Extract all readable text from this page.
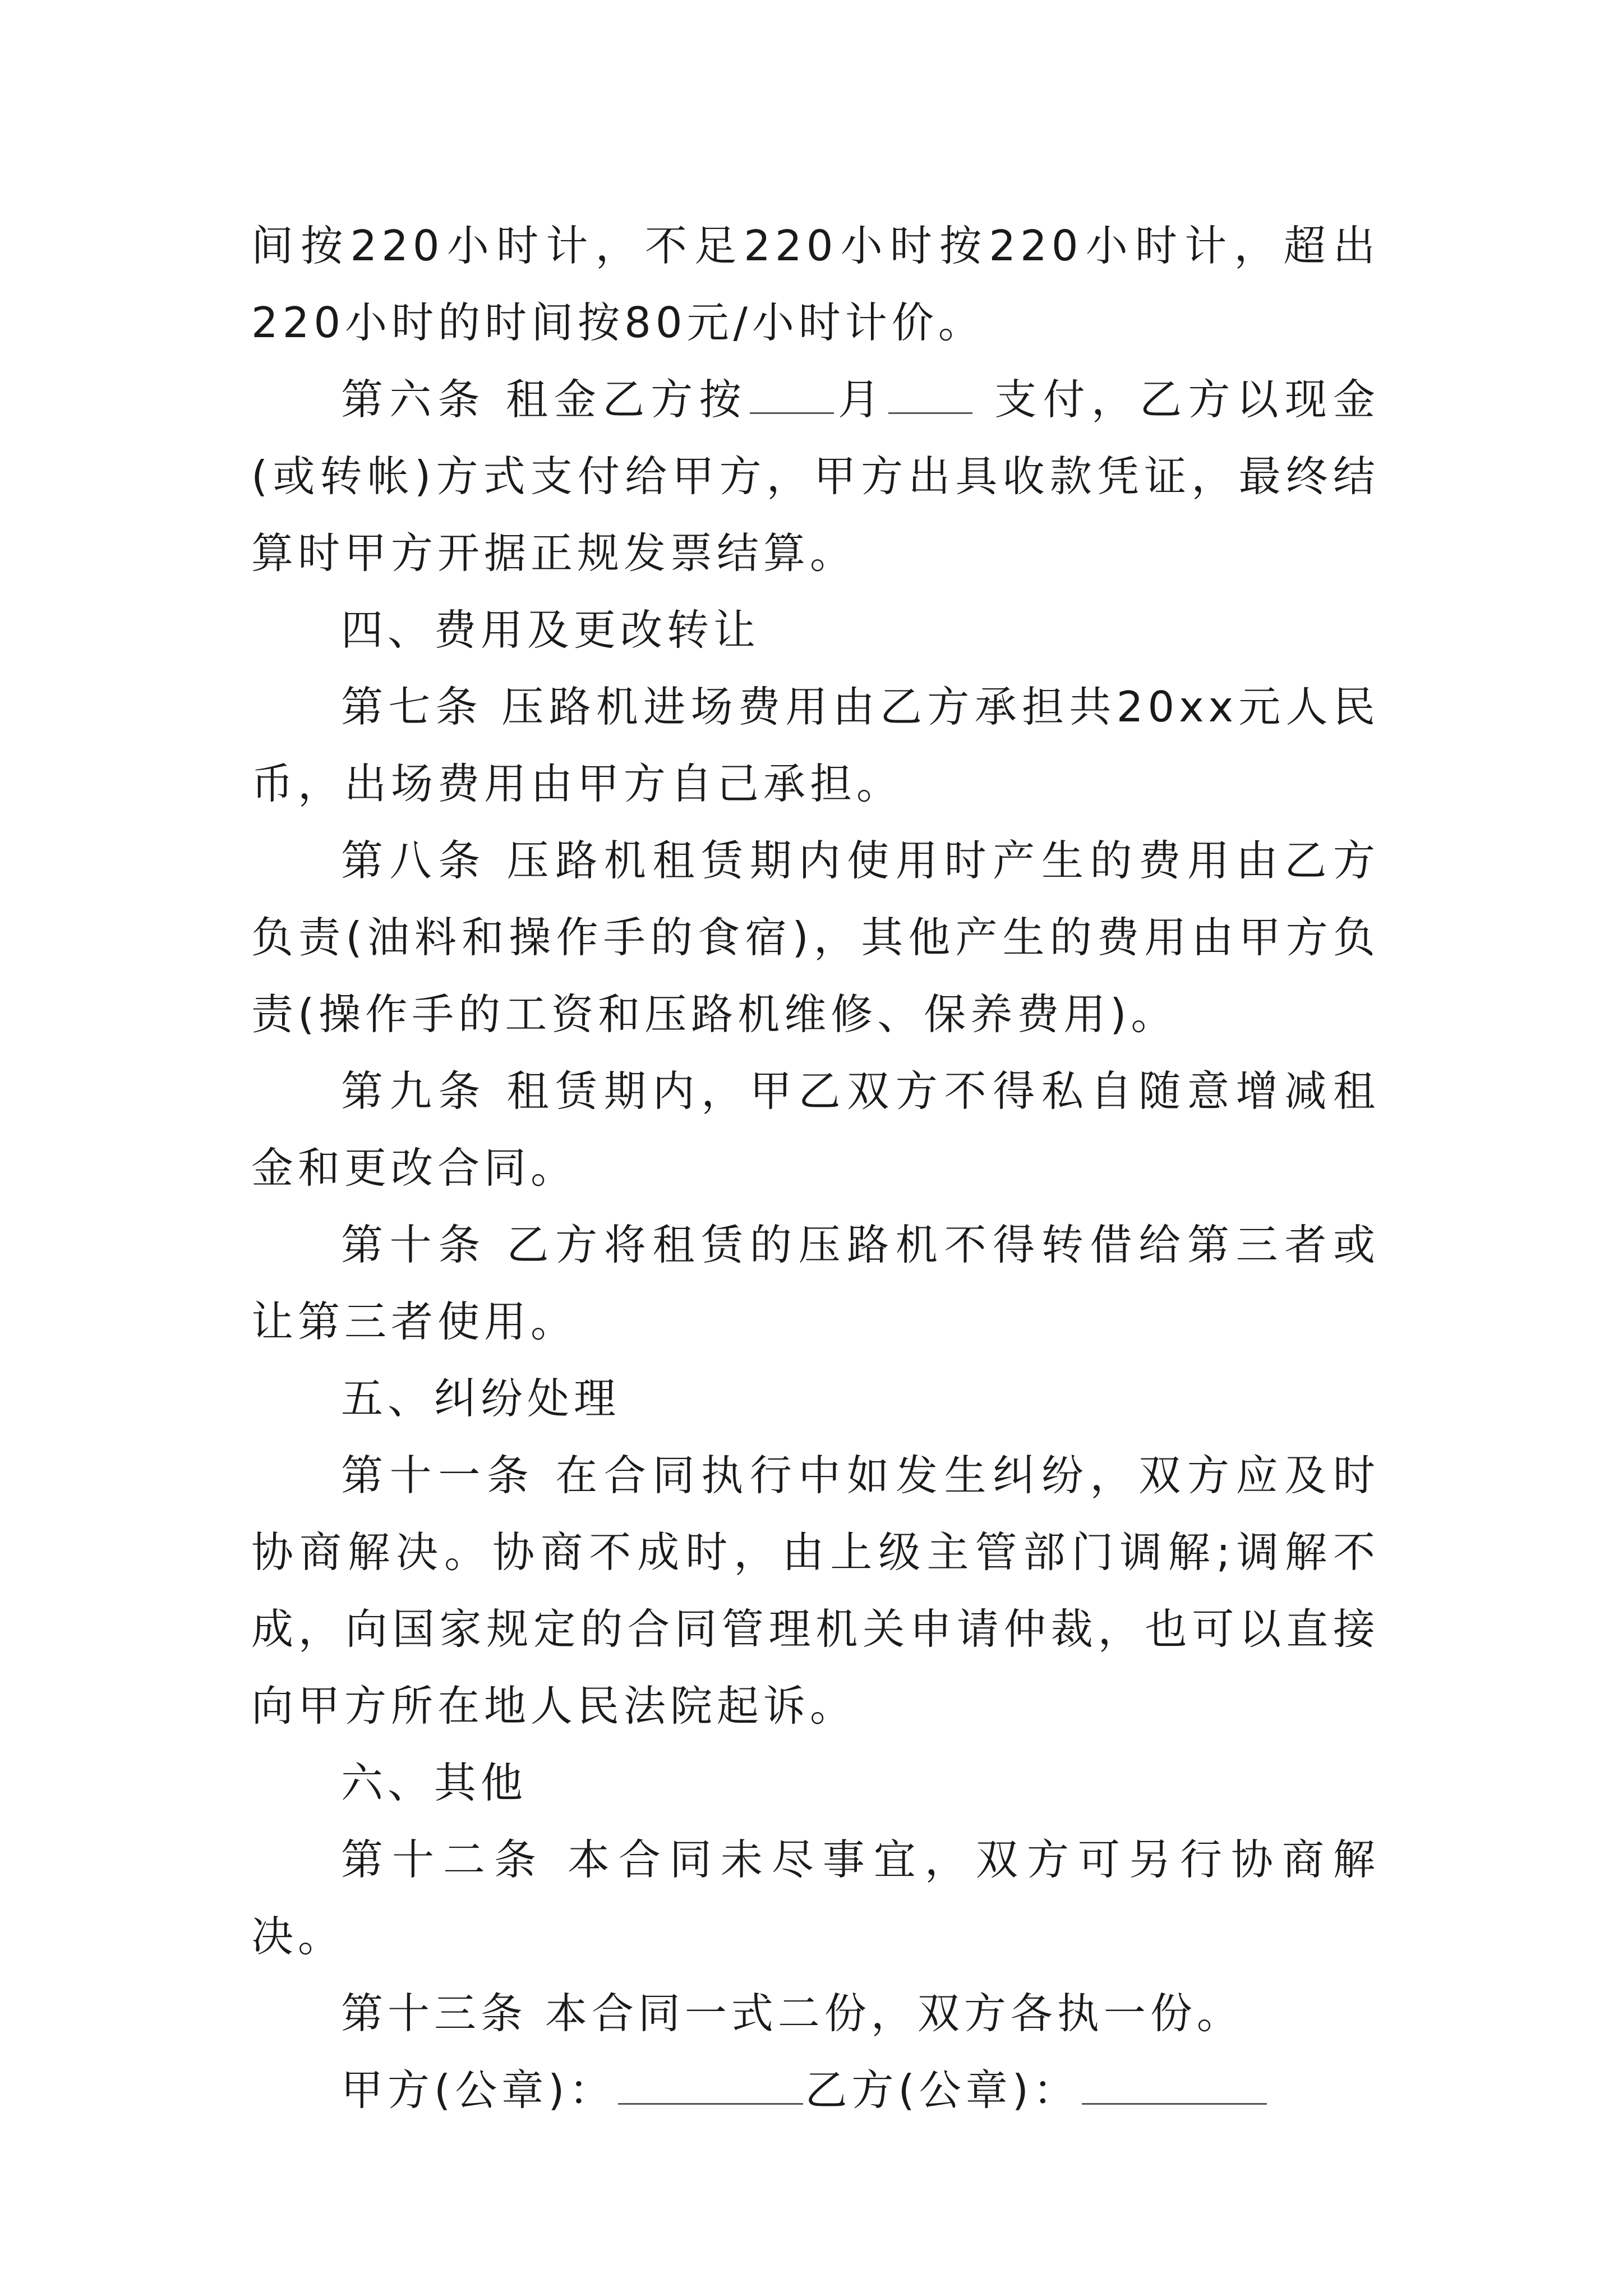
间按220小时计，不足220小时按220小时计，超出220小时的时间按80元/小时计价。

第六条 租金乙方按 月 支付，乙方以现金(或转帐)方式支付给甲方，甲方出具收款凭证，最终结算时甲方开据正规发票结算。

四、费用及更改转让

第七条 压路机进场费用由乙方承担共20xx元人民币，出场费用由甲方自己承担。

第八条 压路机租赁期内使用时产生的费用由乙方负责(油料和操作手的食宿)，其他产生的费用由甲方负责(操作手的工资和压路机维修、保养费用)。

第九条 租赁期内，甲乙双方不得私自随意增减租金和更改合同。

第十条 乙方将租赁的压路机不得转借给第三者或让第三者使用。

五、纠纷处理

第十一条 在合同执行中如发生纠纷，双方应及时协商解决。协商不成时，由上级主管部门调解;调解不成，向国家规定的合同管理机关申请仲裁，也可以直接向甲方所在地人民法院起诉。

六、其他

第十二条 本合同未尽事宜，双方可另行协商解决。

第十三条 本合同一式二份，双方各执一份。

甲方(公章)：	乙方(公章)：
